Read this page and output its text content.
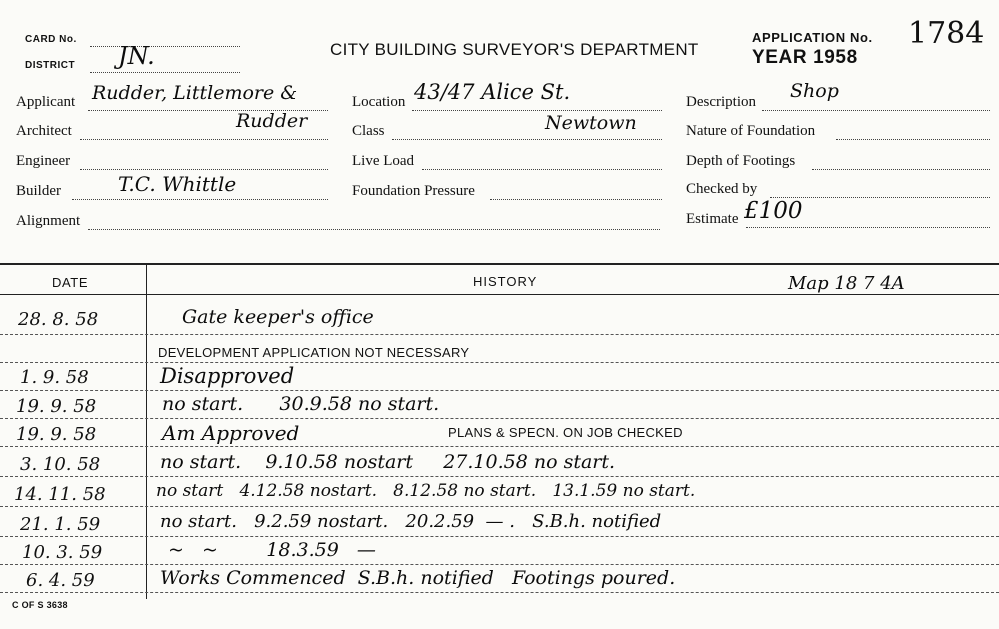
CARD No.
DISTRICT JN.	CITY BUILDING SURVEYOR'S DEPARTMENT
APPLICATION No. 1784
YEAR 1958
Applicant Rudder, Littlemore &
Architect	Rudder
Engineer
Builder	T.C. Whittle
Alignment
Location 43/47 Alice St.
Class	Newtown
Live Load
Foundation Pressure
Description Shop
Nature of Foundation
Depth of Footings
Checked by
Estimate £100
DATE	HISTORY	Map 18 7 4A
28. 8. 58	Gate keeper's office
DEVELOPMENT APPLICATION NOT NECESSARY
1. 9. 58	Disapproved
19. 9. 58	no start.      30.9.58 no start.
19. 9. 58	Am Approved	PLANS & SPECN. ON JOB CHECKED
3. 10. 58	no start.    9.10.58 nostart     27.10.58 no start.
14. 11. 58	no start   4.12.58 nostart.   8.12.58 no start.   13.1.59 no start.
21. 1. 59	no start.   9.2.59 nostart.   20.2.59  — .   S.B.h. notified
10. 3. 59	~   ~        18.3.59   —
6. 4. 59	Works Commenced  S.B.h. notified   Footings poured.
C OF S 3638
